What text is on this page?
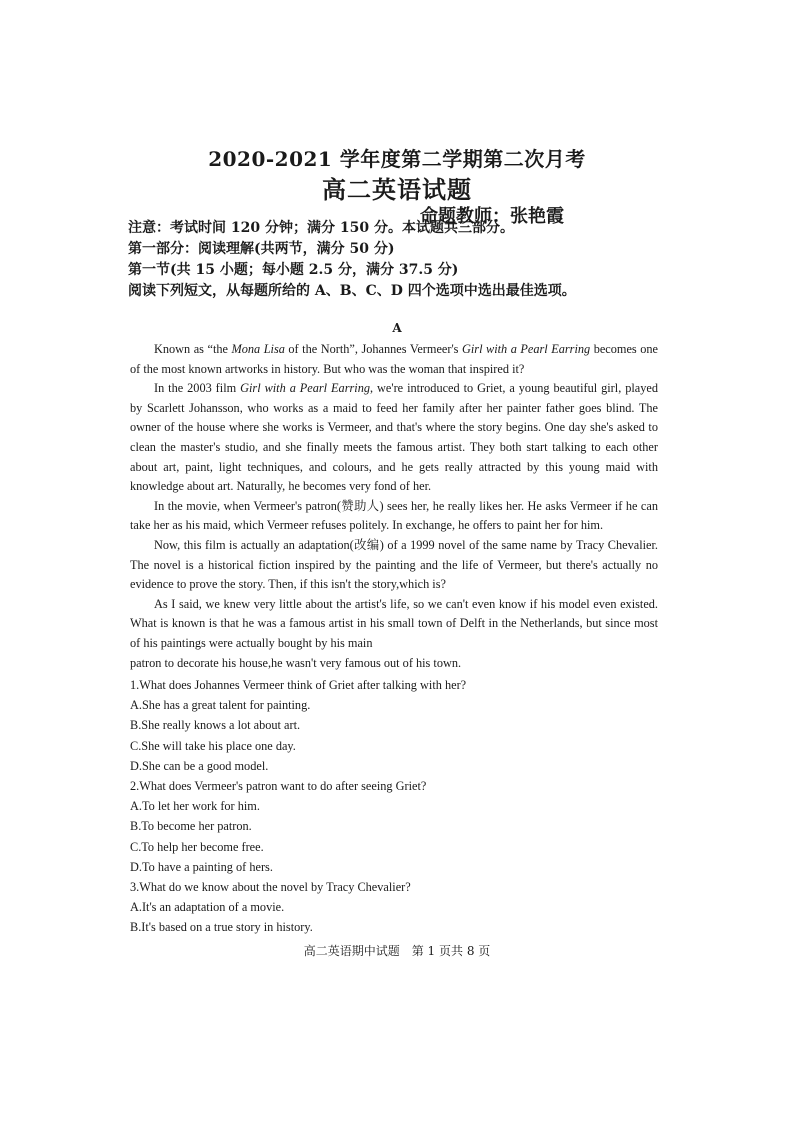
2020-2021 学年度第二学期第二次月考
高二英语试题
命题教师：张艳霞
注意：考试时间 120 分钟；满分 150 分。本试题共三部分。
第一部分：阅读理解(共两节，满分 50 分)
第一节(共 15 小题；每小题 2.5 分，满分 37.5 分)
阅读下列短文，从每题所给的 A、B、C、D 四个选项中选出最佳选项。
A

Known as “the Mona Lisa of the North”, Johannes Vermeer's Girl with a Pearl Earring becomes one of the most known artworks in history. But who was the woman that inspired it?

In the 2003 film Girl with a Pearl Earring, we're introduced to Griet, a young beautiful girl, played by Scarlett Johansson, who works as a maid to feed her family after her painter father goes blind. The owner of the house where she works is Vermeer, and that's where the story begins. One day she's asked to clean the master's studio, and she finally meets the famous artist. They both start talking to each other about art, paint, light techniques, and colours, and he gets really attracted by this young maid with knowledge about art. Naturally, he becomes very fond of her.

In the movie, when Vermeer's patron(赞助人) sees her, he really likes her. He asks Vermeer if he can take her as his maid, which Vermeer refuses politely. In exchange, he offers to paint her for him.

Now, this film is actually an adaptation(改编) of a 1999 novel of the same name by Tracy Chevalier. The novel is a historical fiction inspired by the painting and the life of Vermeer, but there's actually no evidence to prove the story. Then, if this isn't the story,which is?

As I said, we knew very little about the artist's life, so we can't even know if his model even existed. What is known is that he was a famous artist in his small town of Delft in the Netherlands, but since most of his paintings were actually bought by his main

patron to decorate his house,he wasn't very famous out of his town.

1.What does Johannes Vermeer think of Griet after talking with her?
A.She has a great talent for painting.
B.She really knows a lot about art.
C.She will take his place one day.
D.She can be a good model.
2.What does Vermeer's patron want to do after seeing Griet?
A.To let her work for him.
B.To become her patron.
C.To help her become free.
D.To have a painting of hers.
3.What do we know about the novel by Tracy Chevalier?
A.It's an adaptation of a movie.
B.It's based on a true story in history.
高二英语期中试题　第 1 页共 8 页
